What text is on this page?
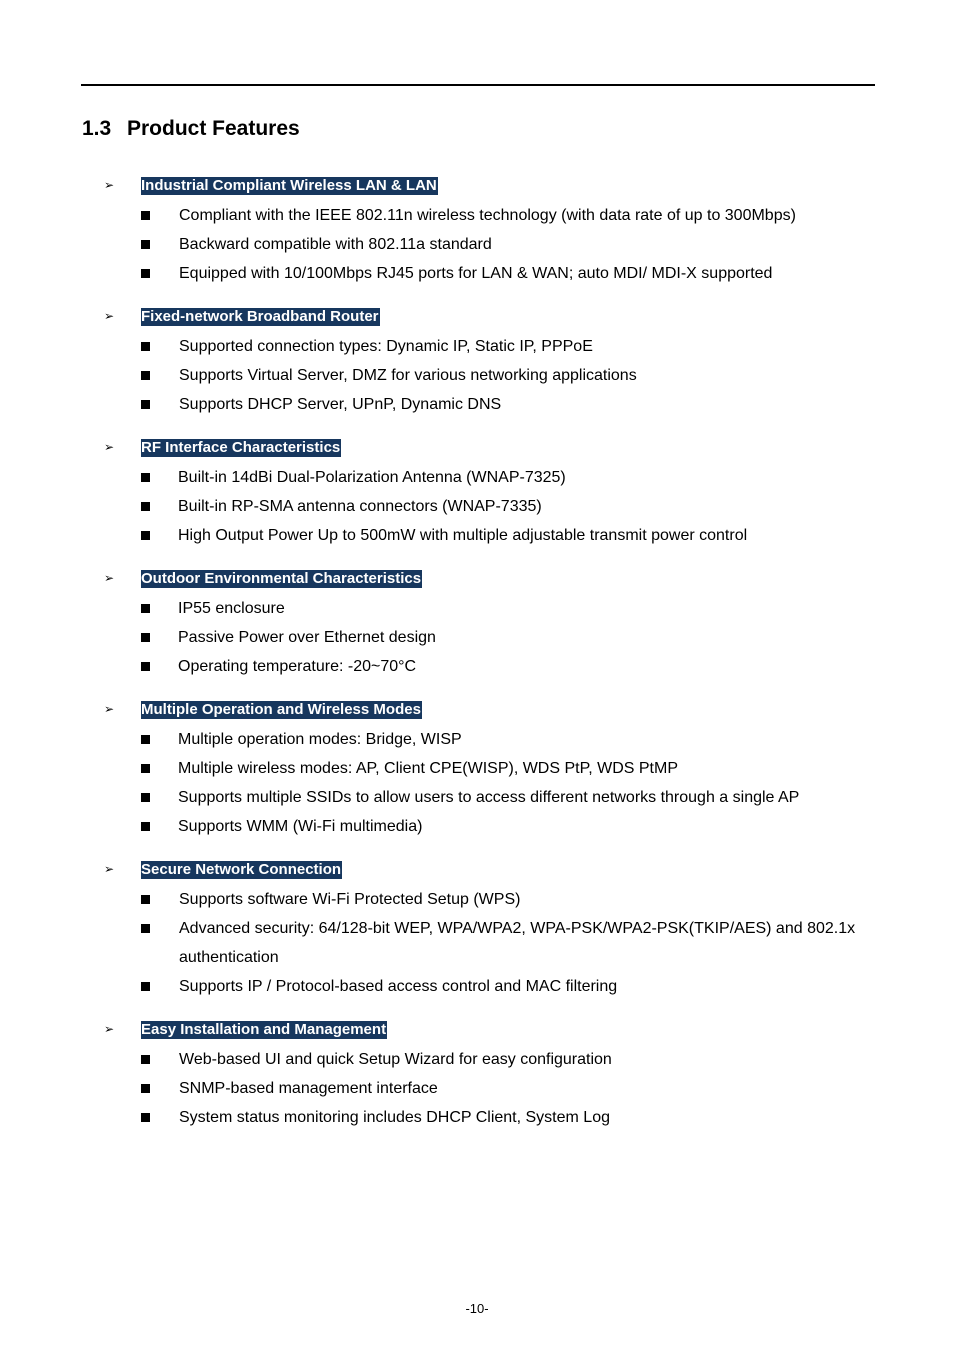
1.3 Product Features
➢ Industrial Compliant Wireless LAN & LAN
Compliant with the IEEE 802.11n wireless technology (with data rate of up to 300Mbps)
Backward compatible with 802.11a standard
Equipped with 10/100Mbps RJ45 ports for LAN & WAN; auto MDI/ MDI-X supported
➢ Fixed-network Broadband Router
Supported connection types: Dynamic IP, Static IP, PPPoE
Supports Virtual Server, DMZ for various networking applications
Supports DHCP Server, UPnP, Dynamic DNS
➢ RF Interface Characteristics
Built-in 14dBi Dual-Polarization Antenna (WNAP-7325)
Built-in RP-SMA antenna connectors (WNAP-7335)
High Output Power Up to 500mW with multiple adjustable transmit power control
➢ Outdoor Environmental Characteristics
IP55 enclosure
Passive Power over Ethernet design
Operating temperature: -20~70°C
➢ Multiple Operation and Wireless Modes
Multiple operation modes: Bridge, WISP
Multiple wireless modes: AP, Client CPE(WISP), WDS PtP, WDS PtMP
Supports multiple SSIDs to allow users to access different networks through a single AP
Supports WMM (Wi-Fi multimedia)
➢ Secure Network Connection
Supports software Wi-Fi Protected Setup (WPS)
Advanced security: 64/128-bit WEP, WPA/WPA2, WPA-PSK/WPA2-PSK(TKIP/AES) and 802.1x authentication
Supports IP / Protocol-based access control and MAC filtering
➢ Easy Installation and Management
Web-based UI and quick Setup Wizard for easy configuration
SNMP-based management interface
System status monitoring includes DHCP Client, System Log
-10-
